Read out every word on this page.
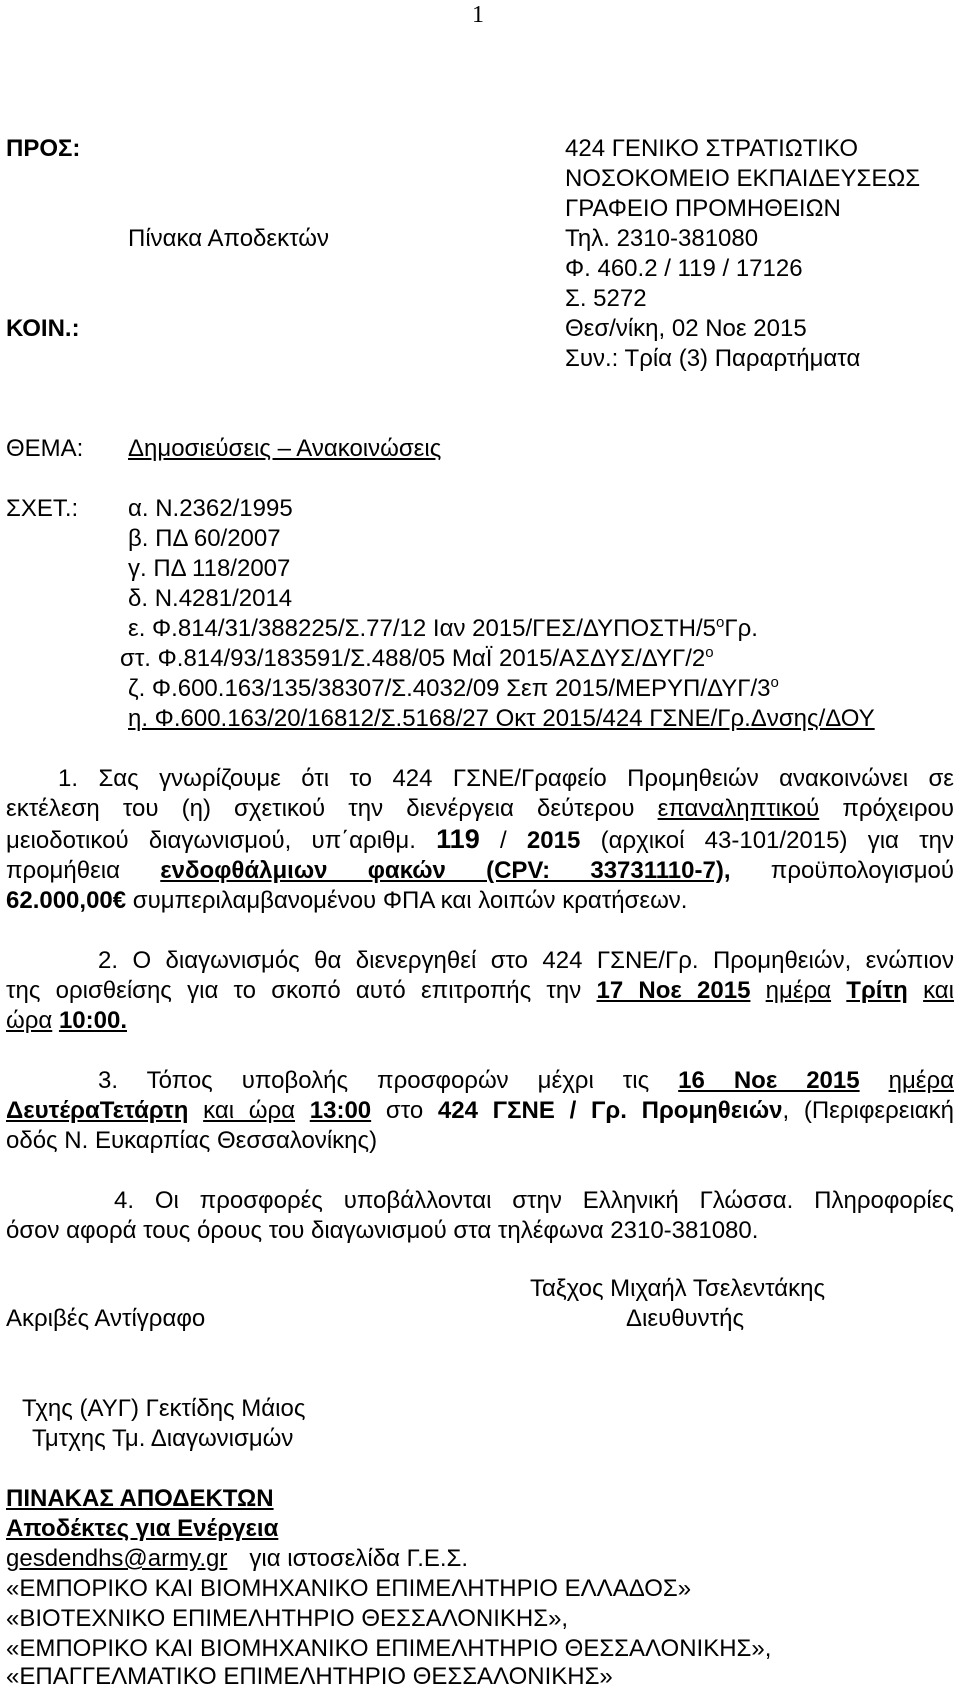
1
ΠΡΟΣ:
Πίνακα Αποδεκτών
ΚΟΙΝ.:
424 ΓΕΝΙΚΟ ΣΤΡΑΤΙΩΤΙΚΟ
ΝΟΣΟΚΟΜΕΙΟ ΕΚΠΑΙΔΕΥΣΕΩΣ
ΓΡΑΦΕΙΟ ΠΡΟΜΗΘΕΙΩΝ
Τηλ. 2310-381080
Φ. 460.2 / 119 / 17126
Σ. 5272
Θεσ/νίκη, 02 Νοε 2015
Συν.: Τρία (3) Παραρτήματα
ΘΕΜΑ: Δημοσιεύσεις – Ανακοινώσεις
ΣΧΕΤ.: α. Ν.2362/1995
β. ΠΔ 60/2007
γ. ΠΔ 118/2007
δ. Ν.4281/2014
ε. Φ.814/31/388225/Σ.77/12 Ιαν $2015/\Gamma E\Sigma/\Delta\Upsilon\Pi O\Sigma TH/5^o\Gamma\rho$.
στ. Φ.814/93/183591/Σ.488/05 ΜαΪ $2015/A\Sigma\Delta\Upsilon\Sigma/\Delta\Upsilon\Gamma/2^o$
ζ. Φ.600.163/135/38307/Σ.4032/09 Σεπ $2015/MEP\Upsilon\Pi/\Delta\Upsilon\Gamma/3^o$
η. Φ.600.163/20/16812/Σ.5168/27 Οκτ 2015/424 ΓΣΝΕ/Γρ.Δνσης/ΔΟΥ
1. Σας γνωρίζουμε ότι το 424 ΓΣΝΕ/Γραφείο Προμηθειών ανακοινώνει σε
εκτέλεση του (η) σχετικού την διενέργεια δεύτερου επαναληπτικού πρόχειρου
μειοδοτικού διαγωνισμού, υπ΄αριθμ. 119 / 2015 (αρχικοί 43-101/2015) για την
προμήθεια ενδοφθάλμιων φακών (CPV: 33731110-7), προϋπολογισμού
62.000,00€ συμπεριλαμβανομένου ΦΠΑ και λοιπών κρατήσεων.
2. Ο διαγωνισμός θα διενεργηθεί στο 424 ΓΣΝΕ/Γρ. Προμηθειών, ενώπιον
της ορισθείσης για το σκοπό αυτό επιτροπής την 17 Νοε 2015 ημέρα Τρίτη και
ώρα 10:00.
3. Τόπος υποβολής προσφορών μέχρι τις 16 Νοε 2015 ημέρα
ΔευτέραΤετάρτη και ώρα 13:00 στο 424 ΓΣΝΕ / Γρ. Προμηθειών, (Περιφερειακή
οδός Ν. Ευκαρπίας Θεσσαλονίκης)
4. Οι προσφορές υποβάλλονται στην Ελληνική Γλώσσα. Πληροφορίες
όσον αφορά τους όρους του διαγωνισμού στα τηλέφωνα 2310-381080.
Ταξχος Μιχαήλ Τσελεντάκης
Διευθυντής
Ακριβές Αντίγραφο
Τχης (ΑΥΓ) Γεκτίδης Μάιος
Τμτχης Τμ. Διαγωνισμών
ΠΙΝΑΚΑΣ ΑΠΟΔΕΚΤΩΝ
Αποδέκτες για Ενέργεια
gesdendhs@army.gr για ιστοσελίδα Γ.Ε.Σ.
«ΕΜΠΟΡΙΚΟ ΚΑΙ ΒΙΟΜΗΧΑΝΙΚΟ ΕΠΙΜΕΛΗΤΗΡΙΟ ΕΛΛΑΔΟΣ»
«ΒΙΟΤΕΧΝΙΚΟ ΕΠΙΜΕΛΗΤΗΡΙΟ ΘΕΣΣΑΛΟΝΙΚΗΣ»,
«ΕΜΠΟΡΙΚΟ ΚΑΙ ΒΙΟΜΗΧΑΝΙΚΟ ΕΠΙΜΕΛΗΤΗΡΙΟ ΘΕΣΣΑΛΟΝΙΚΗΣ»,
«ΕΠΑΓΓΕΛΜΑΤΙΚΟ ΕΠΙΜΕΛΗΤΗΡΙΟ ΘΕΣΣΑΛΟΝΙΚΗΣ»
